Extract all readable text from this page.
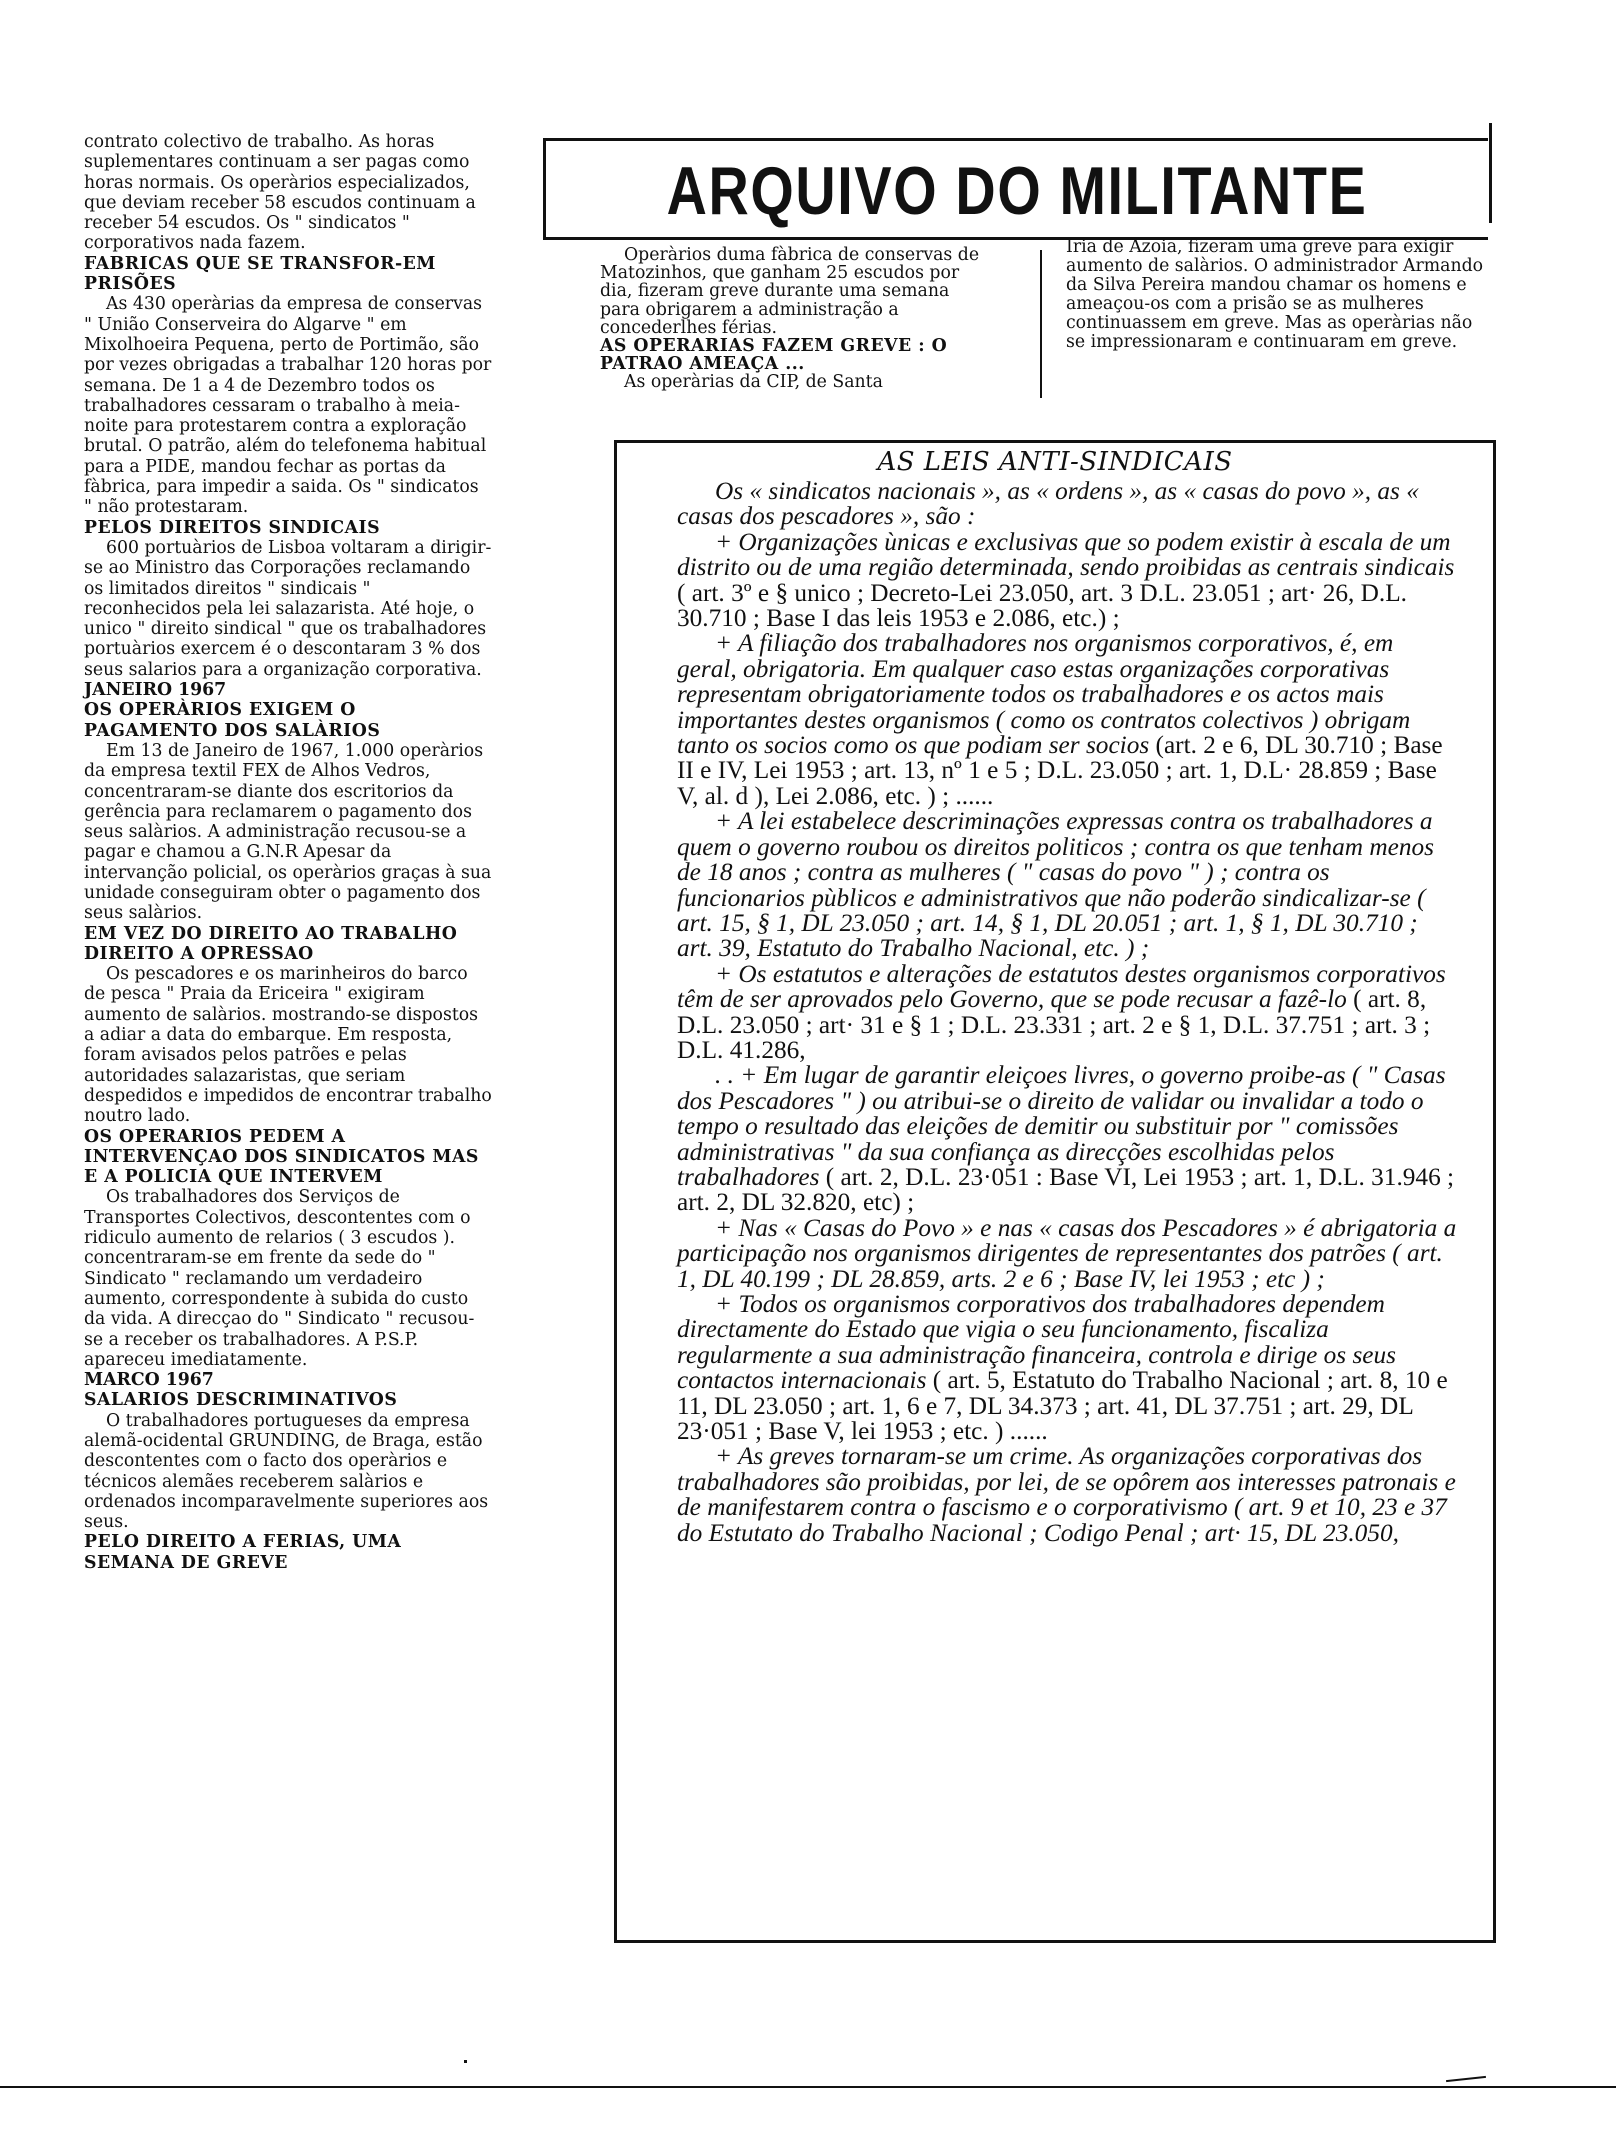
contrato colectivo de trabalho. As horas suplementares continuam a ser pagas como horas normais. Os operàrios especializados, que deviam receber 58 escudos continuam a receber 54 escudos. Os " sindicatos " corporativos nada fazem.

FABRICAS QUE SE TRANSFOR-EM PRISÕES

As 430 operàrias da empresa de conservas " União Conserveira do Algarve " em Mixolhoeira Pequena, perto de Portimão, são por vezes obrigadas a trabalhar 120 horas por semana. De 1 a 4 de Dezembro todos os trabalhadores cessaram o trabalho à meia-noite para protestarem contra a exploração brutal. O patrão, além do telefonema habitual para a PIDE, mandou fechar as portas da fàbrica, para impedir a saida. Os " sindicatos " não protestaram.

PELOS DIREITOS SINDICAIS

600 portuàrios de Lisboa voltaram a dirigir-se ao Ministro das Corporações reclamando os limitados direitos " sindicais " reconhecidos pela lei salazarista. Até hoje, o unico " direito sindical " que os trabalhadores portuàrios exercem é o descontaram 3 % dos seus salarios para a organização corporativa.

JANEIRO 1967

OS OPERÀRIOS EXIGEM O PAGAMENTO DOS SALÀRIOS

Em 13 de Janeiro de 1967, 1.000 operàrios da empresa textil FEX de Alhos Vedros, concentraram-se diante dos escritorios da gerência para reclamarem o pagamento dos seus salàrios. A administração recusou-se a pagar e chamou a G.N.R Apesar da intervanção policial, os operàrios graças à sua unidade conseguiram obter o pagamento dos seus salàrios.

EM VEZ DO DIREITO AO TRABALHO DIREITO A OPRESSAO

Os pescadores e os marinheiros do barco de pesca " Praia da Ericeira " exigiram aumento de salàrios. mostrando-se dispostos a adiar a data do embarque. Em resposta, foram avisados pelos patrões e pelas autoridades salazaristas, que seriam despedidos e impedidos de encontrar trabalho noutro lado.

OS OPERARIOS PEDEM A INTERVENÇAO DOS SINDICATOS MAS E A POLICIA QUE INTERVEM

Os trabalhadores dos Serviços de Transportes Colectivos, descontentes com o ridiculo aumento de relarios ( 3 escudos ). concentraram-se em frente da sede do " Sindicato " reclamando um verdadeiro aumento, correspondente à subida do custo da vida. A direcçao do " Sindicato " recusou-se a receber os trabalhadores. A P.S.P. apareceu imediatamente.

MARCO 1967

SALARIOS DESCRIMINATIVOS

O trabalhadores portugueses da empresa alemã-ocidental GRUNDING, de Braga, estão descontentes com o facto dos operàrios e técnicos alemães receberem salàrios e ordenados incomparavelmente superiores aos seus.

PELO DIREITO A FERIAS, UMA SEMANA DE GREVE

ARQUIVO DO MILITANTE

Operàrios duma fàbrica de conservas de Matozinhos, que ganham 25 escudos por dia, fizeram greve durante uma semana para obrigarem a administração a concederlhes férias.

AS OPERARIAS FAZEM GREVE : O PATRAO AMEAÇA ...

As operàrias da CIP, de Santa

Iria de Azoia, fizeram uma greve para exigir aumento de salàrios. O administrador Armando da Silva Pereira mandou chamar os homens e ameaçou-os com a prisão se as mulheres continuassem em greve. Mas as operàrias não se impressionaram e continuaram em greve.

AS LEIS ANTI-SINDICAIS

Os « sindicatos nacionais », as « ordens », as « casas do povo », as « casas dos pescadores », são :

+ Organizações ùnicas e exclusivas que so podem existir à escala de um distrito ou de uma região determinada, sendo proibidas as centrais sindicais ( art. 3º e § unico ; Decreto-Lei 23.050, art. 3 D.L. 23.051 ; art· 26, D.L. 30.710 ; Base I das leis 1953 e 2.086, etc.) ;

+ A filiação dos trabalhadores nos organismos corporativos, é, em geral, obrigatoria. Em qualquer caso estas organizações corporativas representam obrigatoriamente todos os trabalhadores e os actos mais importantes destes organismos ( como os contratos colectivos ) obrigam tanto os socios como os que podiam ser socios (art. 2 e 6, DL 30.710 ; Base II e IV, Lei 1953 ; art. 13, nº 1 e 5 ; D.L. 23.050 ; art. 1, D.L· 28.859 ; Base V, al. d ), Lei 2.086, etc. ) ; ......

+ A lei estabelece descriminações expressas contra os trabalhadores a quem o governo roubou os direitos politicos ; contra os que tenham menos de 18 anos ; contra as mulheres ( " casas do povo " ) ; contra os funcionarios pùblicos e administrativos que não poderão sindicalizar-se ( art. 15, § 1, DL 23.050 ; art. 14, § 1, DL 20.051 ; art. 1, § 1, DL 30.710 ; art. 39, Estatuto do Trabalho Nacional, etc. ) ;

+ Os estatutos e alterações de estatutos destes organismos corporativos têm de ser aprovados pelo Governo, que se pode recusar a fazê-lo ( art. 8, D.L. 23.050 ; art· 31 e § 1 ; D.L. 23.331 ; art. 2 e § 1, D.L. 37.751 ; art. 3 ; D.L. 41.286,

. . + Em lugar de garantir eleiçoes livres, o governo proibe-as ( " Casas dos Pescadores " ) ou atribui-se o direito de validar ou invalidar a todo o tempo o resultado das eleições de demitir ou substituir por " comissões administrativas " da sua confiança as direcções escolhidas pelos trabalhadores ( art. 2, D.L. 23·051 : Base VI, Lei 1953 ; art. 1, D.L. 31.946 ; art. 2, DL 32.820, etc) ;

+ Nas « Casas do Povo » e nas « casas dos Pescadores » é abrigatoria a participação nos organismos dirigentes de representantes dos patrões ( art. 1, DL 40.199 ; DL 28.859, arts. 2 e 6 ; Base IV, lei 1953 ; etc ) ;

+ Todos os organismos corporativos dos trabalhadores dependem directamente do Estado que vigia o seu funcionamento, fiscaliza regularmente a sua administração financeira, controla e dirige os seus contactos internacionais ( art. 5, Estatuto do Trabalho Nacional ; art. 8, 10 e 11, DL 23.050 ; art. 1, 6 e 7, DL 34.373 ; art. 41, DL 37.751 ; art. 29, DL 23·051 ; Base V, lei 1953 ; etc. ) ......

+ As greves tornaram-se um crime. As organizações corporativas dos trabalhadores são proibidas, por lei, de se opôrem aos interesses patronais e de manifestarem contra o fascismo e o corporativismo ( art. 9 et 10, 23 e 37 do Estutato do Trabalho Nacional ; Codigo Penal ; art· 15, DL 23.050,
